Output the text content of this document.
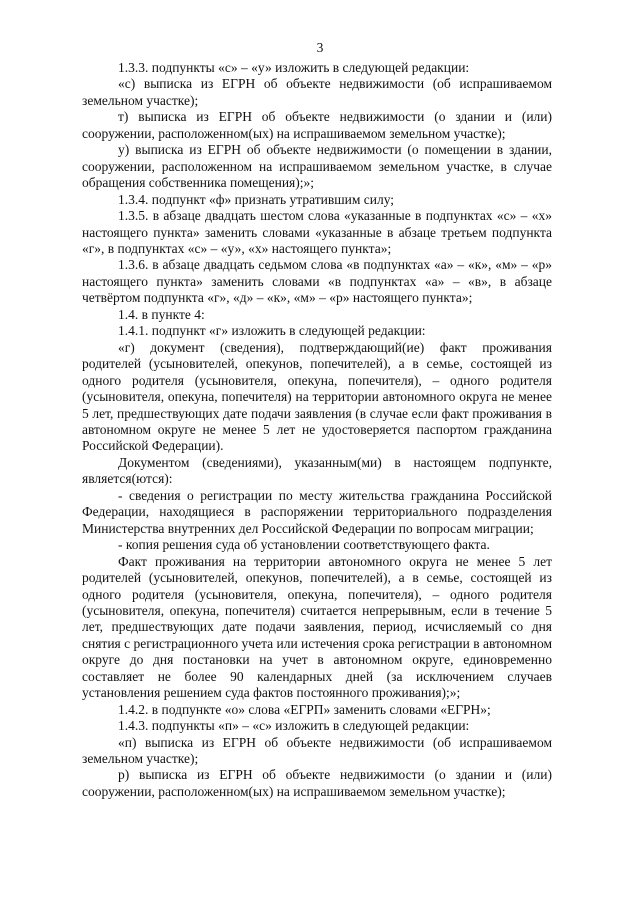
3

1.3.3. подпункты «с» – «у» изложить в следующей редакции:

«с) выписка из ЕГРН об объекте недвижимости (об испрашиваемом земельном участке);

т) выписка из ЕГРН об объекте недвижимости (о здании и (или) сооружении, расположенном(ых) на испрашиваемом земельном участке);

у) выписка из ЕГРН об объекте недвижимости (о помещении в здании, сооружении, расположенном на испрашиваемом земельном участке, в случае обращения собственника помещения);»;

1.3.4. подпункт «ф» признать утратившим силу;

1.3.5. в абзаце двадцать шестом слова «указанные в подпунктах «с» – «х» настоящего пункта» заменить словами «указанные в абзаце третьем подпункта «г», в подпунктах «с» – «у», «х» настоящего пункта»;

1.3.6. в абзаце двадцать седьмом слова «в подпунктах «а» – «к», «м» – «р» настоящего пункта» заменить словами «в подпунктах «а» – «в», в абзаце четвёртом подпункта «г», «д» – «к», «м» – «р» настоящего пункта»;

1.4. в пункте 4:

1.4.1. подпункт «г» изложить в следующей редакции:

«г) документ (сведения), подтверждающий(ие) факт проживания родителей (усыновителей, опекунов, попечителей), а в семье, состоящей из одного родителя (усыновителя, опекуна, попечителя), – одного родителя (усыновителя, опекуна, попечителя) на территории автономного округа не менее 5 лет, предшествующих дате подачи заявления (в случае если факт проживания в автономном округе не менее 5 лет не удостоверяется паспортом гражданина Российской Федерации).

Документом (сведениями), указанным(ми) в настоящем подпункте, является(ются):

- сведения о регистрации по месту жительства гражданина Российской Федерации, находящиеся в распоряжении территориального подразделения Министерства внутренних дел Российской Федерации по вопросам миграции;

- копия решения суда об установлении соответствующего факта.

Факт проживания на территории автономного округа не менее 5 лет родителей (усыновителей, опекунов, попечителей), а в семье, состоящей из одного родителя (усыновителя, опекуна, попечителя), – одного родителя (усыновителя, опекуна, попечителя) считается непрерывным, если в течение 5 лет, предшествующих дате подачи заявления, период, исчисляемый со дня снятия с регистрационного учета или истечения срока регистрации в автономном округе до дня постановки на учет в автономном округе, единовременно составляет не более 90 календарных дней (за исключением случаев установления решением суда фактов постоянного проживания);»;

1.4.2. в подпункте «о» слова «ЕГРП» заменить словами «ЕГРН»;

1.4.3. подпункты «п» – «с» изложить в следующей редакции:

«п) выписка из ЕГРН об объекте недвижимости (об испрашиваемом земельном участке);

р) выписка из ЕГРН об объекте недвижимости (о здании и (или) сооружении, расположенном(ых) на испрашиваемом земельном участке);
